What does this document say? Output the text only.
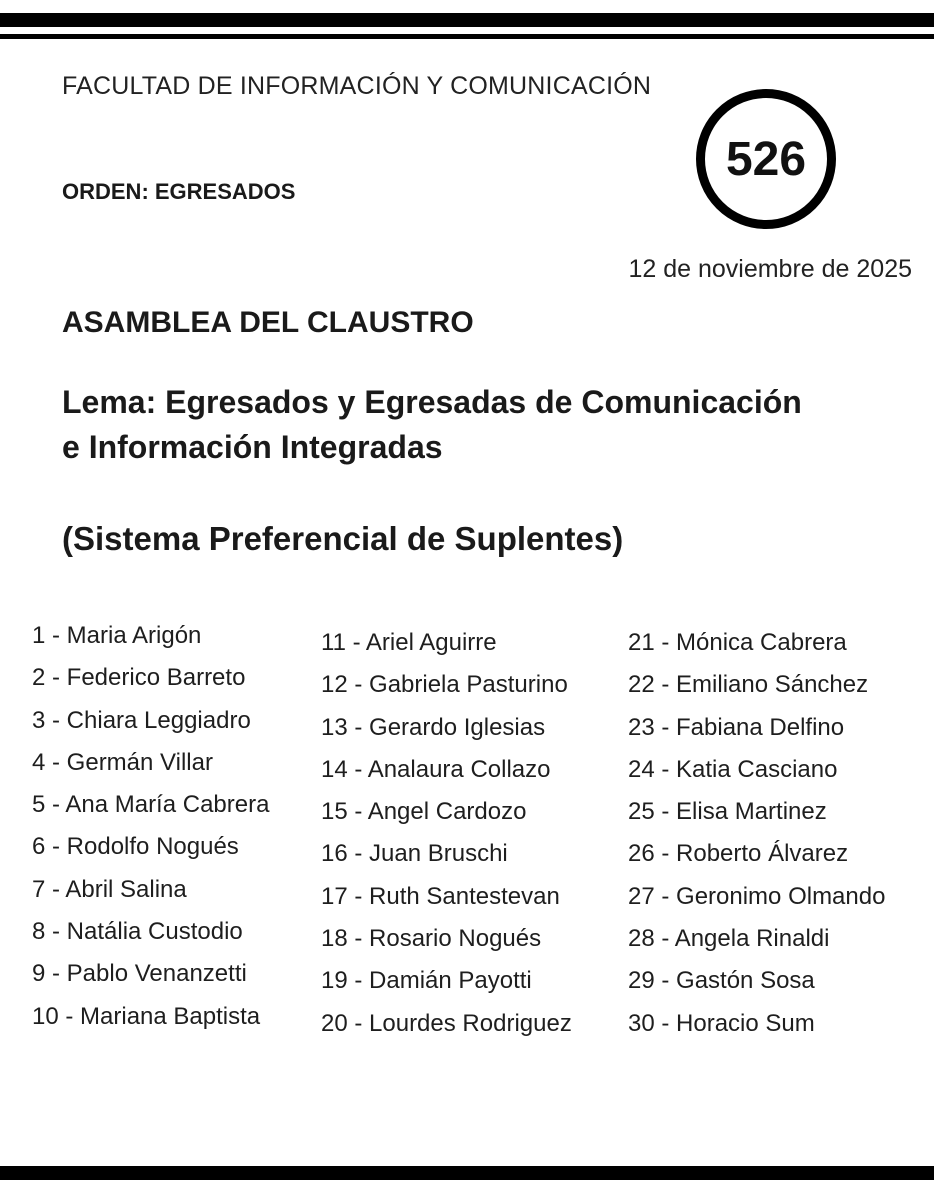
FACULTAD DE INFORMACIÓN Y COMUNICACIÓN
ORDEN: EGRESADOS
526
12 de noviembre de 2025
ASAMBLEA DEL CLAUSTRO
Lema: Egresados y Egresadas de Comunicación
e Información Integradas
(Sistema Preferencial de Suplentes)
1 - Maria Arigón
2 - Federico Barreto
3 - Chiara Leggiadro
4 - Germán Villar
5 - Ana María Cabrera
6 - Rodolfo Nogués
7 - Abril Salina
8 - Natália Custodio
9 - Pablo Venanzetti
10 - Mariana Baptista
11 - Ariel Aguirre
12 - Gabriela Pasturino
13 - Gerardo Iglesias
14 - Analaura Collazo
15 - Angel Cardozo
16 - Juan Bruschi
17 - Ruth Santestevan
18 - Rosario Nogués
19 - Damián Payotti
20 - Lourdes Rodriguez
21 - Mónica Cabrera
22 - Emiliano Sánchez
23 - Fabiana Delfino
24 - Katia Casciano
25 - Elisa Martinez
26 - Roberto Álvarez
27 - Geronimo Olmando
28 - Angela Rinaldi
29 - Gastón Sosa
30 - Horacio Sum
